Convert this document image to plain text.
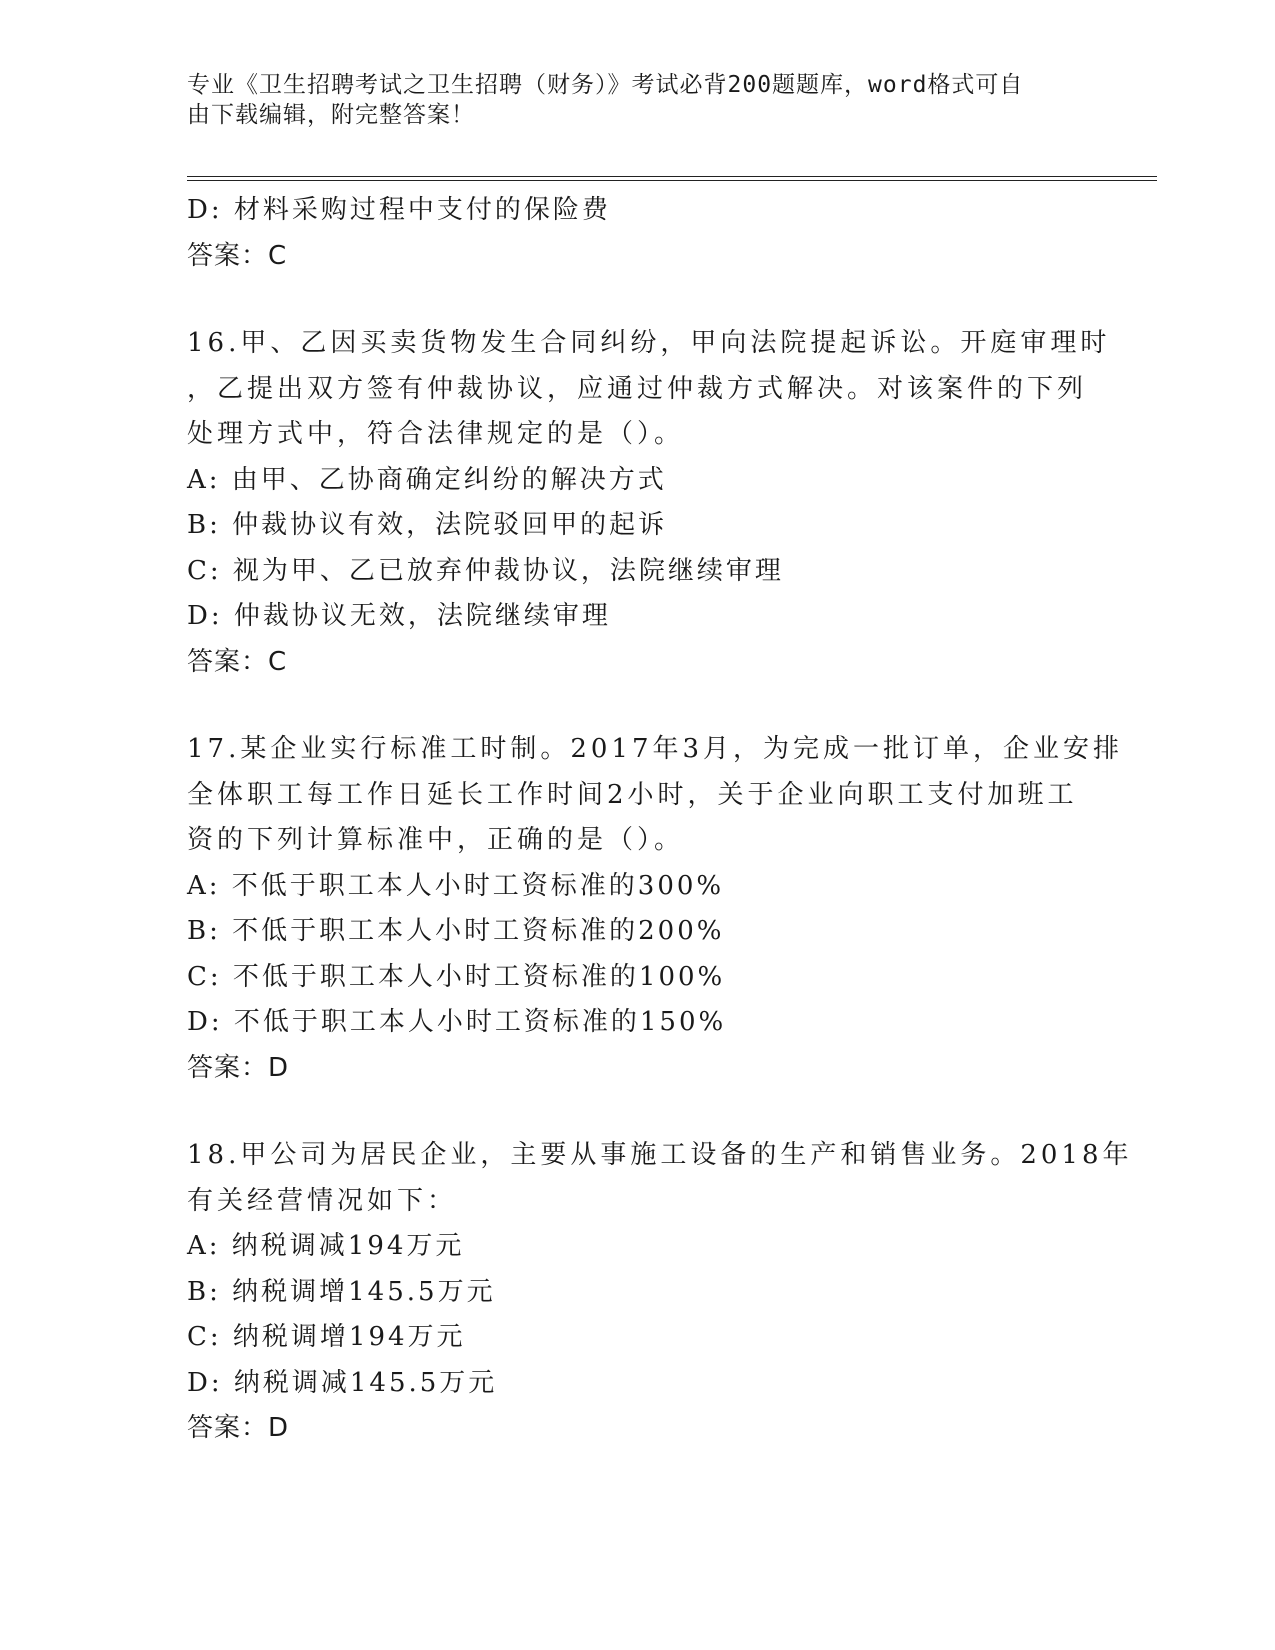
专业《卫生招聘考试之卫生招聘（财务）》考试必背200题题库，word格式可自
由下载编辑，附完整答案！
D: 材料采购过程中支付的保险费
答案：C
16.甲、乙因买卖货物发生合同纠纷，甲向法院提起诉讼。开庭审理时
，乙提出双方签有仲裁协议，应通过仲裁方式解决。对该案件的下列
处理方式中，符合法律规定的是（）。
A: 由甲、乙协商确定纠纷的解决方式
B: 仲裁协议有效，法院驳回甲的起诉
C: 视为甲、乙已放弃仲裁协议，法院继续审理
D: 仲裁协议无效，法院继续审理
答案：C
17.某企业实行标准工时制。2017年3月，为完成一批订单，企业安排
全体职工每工作日延长工作时间2小时，关于企业向职工支付加班工
资的下列计算标准中，正确的是（）。
A: 不低于职工本人小时工资标准的300%
B: 不低于职工本人小时工资标准的200%
C: 不低于职工本人小时工资标准的100%
D: 不低于职工本人小时工资标准的150%
答案：D
18.甲公司为居民企业，主要从事施工设备的生产和销售业务。2018年
有关经营情况如下：
A: 纳税调减194万元
B: 纳税调增145.5万元
C: 纳税调增194万元
D: 纳税调减145.5万元
答案：D
